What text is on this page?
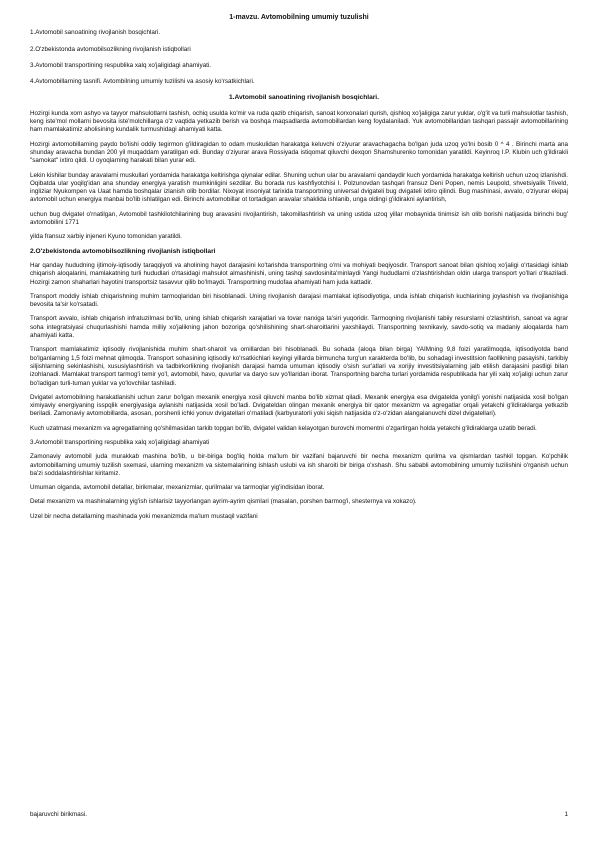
1-mavzu. Avtomobilning umumiy tuzulishi

1.Avtomobil sanoatining rivojlanish bosqichlari.

2.O'zbekistonda avtomobilsozlikning rivojlanish istiqbollari

3.Avtomobil transportining respublika xalq xo'jaligidagi ahamiyati.

4.Avtomobillarning tasnifi. Avtombilning umumiy tuzilishi va asosiy ko'rsatkichlari.

1.Avtomobil sanoatining rivojlanish bosqichlari.

Hozirgi kunda xom ashyo va tayyor mahsulotlarni tashish, ochiq usulda ko'mir va ruda qazib chiqarish, sanoat korxonalari qurish, qishloq xo'jaligiga zarur yuklar, o'g'it va turli mahsulotlar tashish, keng iste'mol mollarni bevosita iste'molchillarga o'z vaqtida yetkazib berish va boshqa maqsadlarda avtomobillardan keng foydalaniladi. Yuk avtomobillaridan tashqari passajir avtomobillarining ham mamlakatimiz aholisining kundalik turmushidagi ahamiyati katta.

Hozirgi avtomobillarning paydo bo'lishi oddiy tegirmon g'ildiragidan to odam muskulidan harakatga keluvchi o'ziyurar aravachagacha bo'lgan juda uzoq yo'lni bosib 0 ^ 4 . Birinchi marta ana shunday aravacha bundan 200 yil muqaddam yaratilgan edi. Bunday o'ziyurar arava Rossiyada istiqomat qiluvchi dexqon Shamshurenko tomonidan yaratildi. Keyinroq I.P. Klubin uch g'ildirakli "samokat" ixtiro qildi. U oyoqlarning harakati bilan yurar edi.

Lekin kishilar bunday aravalarni muskullari yordamida harakatga keltirishga qiynalar edilar. Shuning uchun ular bu aravalarni qandaydir kuch yordamida harakatga keltirish uchun uzoq izlanishdi. Oqibatda ular yoqilg'idan ana shunday energiya yaratish mumkinligini sezdilar. Bu borada rus kashfiyotchisi I. Polzunovdan tashqari fransuz Deni Popen, nemis Leupold, shvetsiyalik Triveld, ingliziar Nyukompen va Uaat hamda boshqalar izlanish olib bordilar. Nixoyat insoniyat tarixida transportning universal dvigateli bug dvigateli ixtiro qilindi. Bug mashinasi, avvalo, o'ziyurar ekipaj avtomobil uchun energiya manbai bo'lib ishlatilgan edi. Birinchi avtomobillar ot tortadigan aravalar shaklida ishlanib, unga oldingi g'ildirakni aylantirish,

uchun bug dvigatel o'rnatilgan, Avtomobil tashkilotchilarining bug aravasini rivojlantirish, takomillashtirish va uning ustida uzoq yillar mobaynida tinimsiz ish olib borishi natijasida birinchi bug' avtomobilini 1771

yilda fransuz xarbiy injeneri Kyuno tomonidan yaratildi.

2.O'zbekistonda avtomobilsozlikning rivojlanish istiqbollari

Har qanday hududning ijtimoiy-iqtisodiy taraqqiyoti va aholining hayot darajasini ko'tarishda transportning o'rni va mohiyati beqiyosdir. Transport sanoat bilan qishloq xo'jaligi o'rtasidagi ishlab chiqarish aloqalarini, mamlakatning turli hududlari o'rtasidagi mahsulot almashinishi, uning tashqi savdosinita'minlaydi Yangi hududlarni o'zlashtirishdan oldin ularga transport yo'llari o'tkaziladi. Hozirgi zamon shaharlari hayotini transportsiz tasavvur qilib bo'lmaydi. Transportning mudofaa ahamiyati ham juda kattadir.

Transport moddiy ishlab chiqarishning muhim tarmoqlaridan biri hisoblanadi. Uning rivojlanish darajasi mamlakat iqtisodiyotiga, unda ishlab chiqarish kuchlarining joylashish va rivojlanishiga bevosita ta'sir ko'rsatadi.

Transport avvalo, ishlab chiqarish infratuzilmasi bo'lib, uning ishlab chiqarish xarajatlari va tovar narxiga ta'siri yuqoridir. Tarmoqning rivojlanishi tabiiy resurslarni o'zlashtirish, sanoat va agrar soha integratsiyasi chuqurlashishi hamda milliy xo'jalikning jahon bozoriga qo'shilishining shart-sharoitlarini yaxshilaydi. Transportning texnikaviy, savdo-sotiq va madaniy aloqalarda ham ahamiyati katta.

Transport mamlakatimiz iqtisodiy rivojlanishida muhim shart-sharoit va omillardan biri hisoblanadi. Bu sohada (aloqa bilan birga) YAIMning 9,8 foizi yaratilmoqda, iqtisodiyotda band bo'lganlarning 1,5 foizi mehnat qilmoqda. Transport sohasining iqtisodiy ko'rsatkichlari keyingi yillarda birmuncha turg'un xarakterda bo'lib, bu sohadagi investitsion faollikning pasayishi, tarkibiy siljishlarning sekinlashishi, xususiylashtirish va tadbirkorlikning rivojlanish darajasi hamda umuman iqtisodiy o'sish sur'atlari va xorijiy investitsiyalarning jalb etilish darajasini pastligi bilan izohlanadi. Mamlakat transport tarmog'i temir yo'l, avtomobil, havo, quvurlar va daryo suv yo'llaridan iborat. Transportning barcha turlari yordamida respublikada har yili xalq xo'jaligi uchun zarur bo'ladigan turli-tuman yuklar va yo'lovchilar tashiladi.

Dvigatel avtomobilning harakatlanishi uchun zarur bo'lgan mexanik energiya xosil qiluvchi manba bo'lib xizmat qiladi. Mexanik energiya esa dvigatelda yonilg'i yonishi natijasida xosil bo'lgan ximiyaviy energiyaning isspqlik energiyasiga aylanishi natijasida xosil bo'ladi. Dvigateldan olingan mexanik energiya bir qator mexanizm va agregatlar orqali yetakchi g'ildiraklarga yetkazib beriladi. Zamonaviy avtomobillarda, asosan, porshenli ichki yonuv dvigatellari o'rnatiladi (karbyuratorli yoki siqish natijasida o'z-o'zidan alangalanuvchi dizel dvigatellari).

Kuch uzatmasi mexanizm va agregatlarning qo'shilmasidan tarkib topgan bo'lib, dvigatel validan kelayotgan burovchi momentni o'zgartirgan holda yetakchi g'ildiraklarga uzatib beradi.

3.Avtomobil transportining respublika xalq xo'jaligidagi ahamiyati

Zamonaviy avtomobil juda murakkab mashina bo'lib, u bir-biriga bog'liq holda ma'lum bir vazifani bajaruvchi bir necha mexanizm qurilma va qismlardan tashkil topgan. Ko'pchilik avtomobillarning umumiy tuzilish sxemasi, ularning mexanizm va sistemalarining ishlash uslubi va ish sharoiti bir biriga o'xshash. Shu sababli avtomobilning umumiy tuzilishini o'rganish uchun ba'zi soddalashtirishlar kiritamiz.

Umuman olganda, avtomobil detallar, birikmalar, mexanizmlar, qurilmalar va tarmoqlar yig'indisidan iborat.

Detal mexanizm va mashinalarning yig'ish ishlarisiz tayyorlangan ayrim-ayrim qismlari (masalan, porshen barmog'i, shesternya va xokazo).

Uzel bir necha detallarning mashinada yoki mexanizmda ma'lum mustaqil vazifani

bajaruvchi birikmasi.	1
